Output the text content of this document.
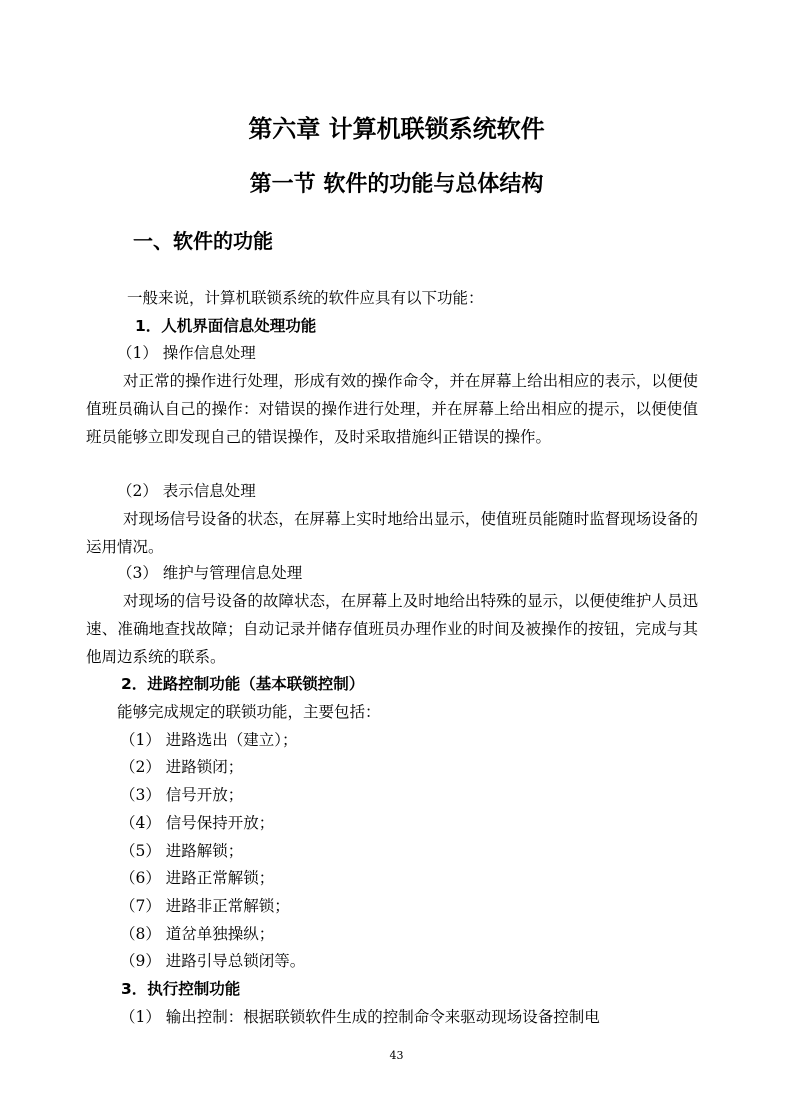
第六章 计算机联锁系统软件
第一节 软件的功能与总体结构
一、软件的功能
一般来说，计算机联锁系统的软件应具有以下功能：
1．人机界面信息处理功能
（1） 操作信息处理
对正常的操作进行处理，形成有效的操作命令，并在屏幕上给出相应的表示，以便使值班员确认自己的操作：对错误的操作进行处理，并在屏幕上给出相应的提示，以便使值班员能够立即发现自己的错误操作，及时采取措施纠正错误的操作。
（2） 表示信息处理
对现场信号设备的状态，在屏幕上实时地给出显示，使值班员能随时监督现场设备的运用情况。
（3） 维护与管理信息处理
对现场的信号设备的故障状态，在屏幕上及时地给出特殊的显示，以便使维护人员迅速、准确地查找故障；自动记录并储存值班员办理作业的时间及被操作的按钮，完成与其他周边系统的联系。
2．进路控制功能（基本联锁控制）
能够完成规定的联锁功能，主要包括：
（1） 进路选出（建立）；
（2） 进路锁闭；
（3） 信号开放；
（4） 信号保持开放；
（5） 进路解锁；
（6） 进路正常解锁；
（7） 进路非正常解锁；
（8） 道岔单独操纵；
（9） 进路引导总锁闭等。
3．执行控制功能
（1） 输出控制：根据联锁软件生成的控制命令来驱动现场设备控制电
43
